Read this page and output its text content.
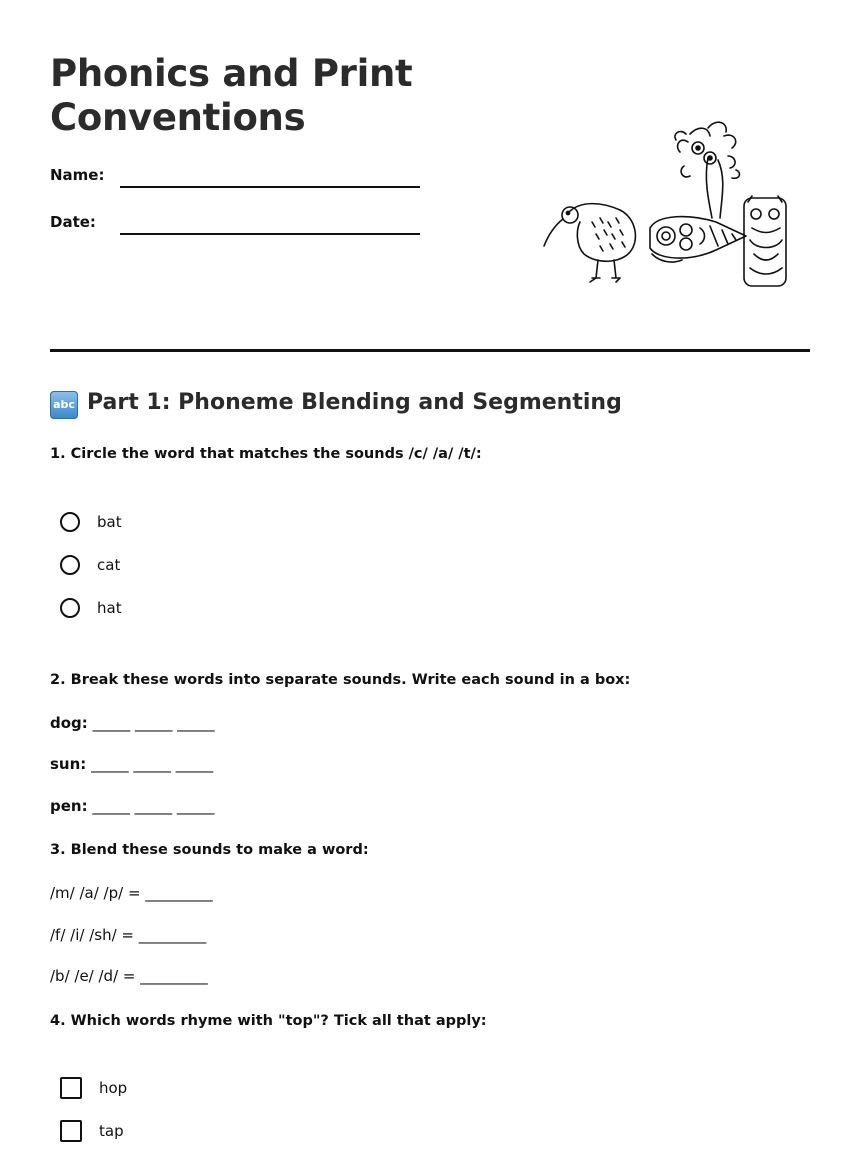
Phonics and Print
Conventions
Name:
Date:
abc Part 1: Phoneme Blending and Segmenting

1. Circle the word that matches the sounds /c/ /a/ /t/:

bat
cat
hat

2. Break these words into separate sounds. Write each sound in a box:

dog: _____ _____ _____
sun: _____ _____ _____
pen: _____ _____ _____

3. Blend these sounds to make a word:

/m/ /a/ /p/ = _________
/f/ /i/ /sh/ = _________
/b/ /e/ /d/ = _________

4. Which words rhyme with "top"? Tick all that apply:

hop
tap
